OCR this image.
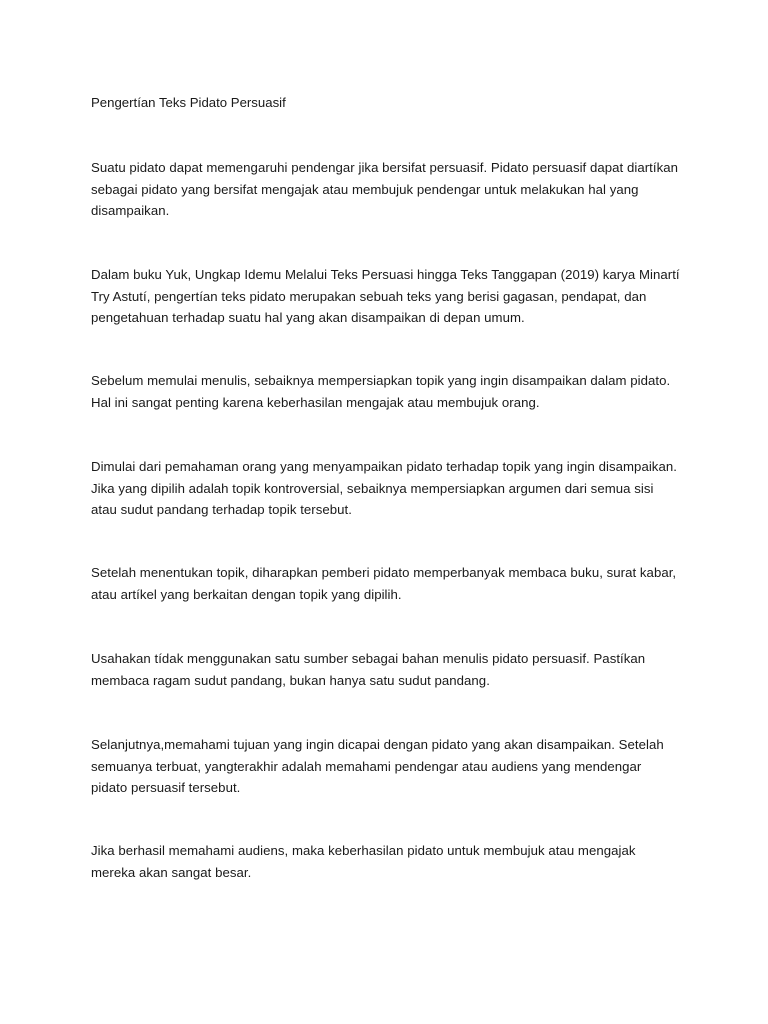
Pengertían Teks Pidato Persuasif

Suatu pidato dapat memengaruhi pendengar jika bersifat persuasif. Pidato persuasif dapat diartíkan sebagai pidato yang bersifat mengajak atau membujuk pendengar untuk melakukan hal yang disampaikan.

Dalam buku Yuk, Ungkap Idemu Melalui Teks Persuasi hingga Teks Tanggapan (2019) karya Minartí Try Astutí, pengertían teks pidato merupakan sebuah teks yang berisi gagasan, pendapat, dan pengetahuan terhadap suatu hal yang akan disampaikan di depan umum.

Sebelum memulai menulis, sebaiknya mempersiapkan topik yang ingin disampaikan dalam pidato. Hal ini sangat penting karena keberhasilan mengajak atau membujuk orang.

Dimulai dari pemahaman orang yang menyampaikan pidato terhadap topik yang ingin disampaikan. Jika yang dipilih adalah topik kontroversial, sebaiknya mempersiapkan argumen dari semua sisi atau sudut pandang terhadap topik tersebut.

Setelah menentukan topik, diharapkan pemberi pidato memperbanyak membaca buku, surat kabar, atau artíkel yang berkaitan dengan topik yang dipilih.

Usahakan tídak menggunakan satu sumber sebagai bahan menulis pidato persuasif. Pastíkan membaca ragam sudut pandang, bukan hanya satu sudut pandang.

Selanjutnya,memahami tujuan yang ingin dicapai dengan pidato yang akan disampaikan. Setelah semuanya terbuat, yangterakhir adalah memahami pendengar atau audiens yang mendengar pidato persuasif tersebut.

Jika berhasil memahami audiens, maka keberhasilan pidato untuk membujuk atau mengajak mereka akan sangat besar.
